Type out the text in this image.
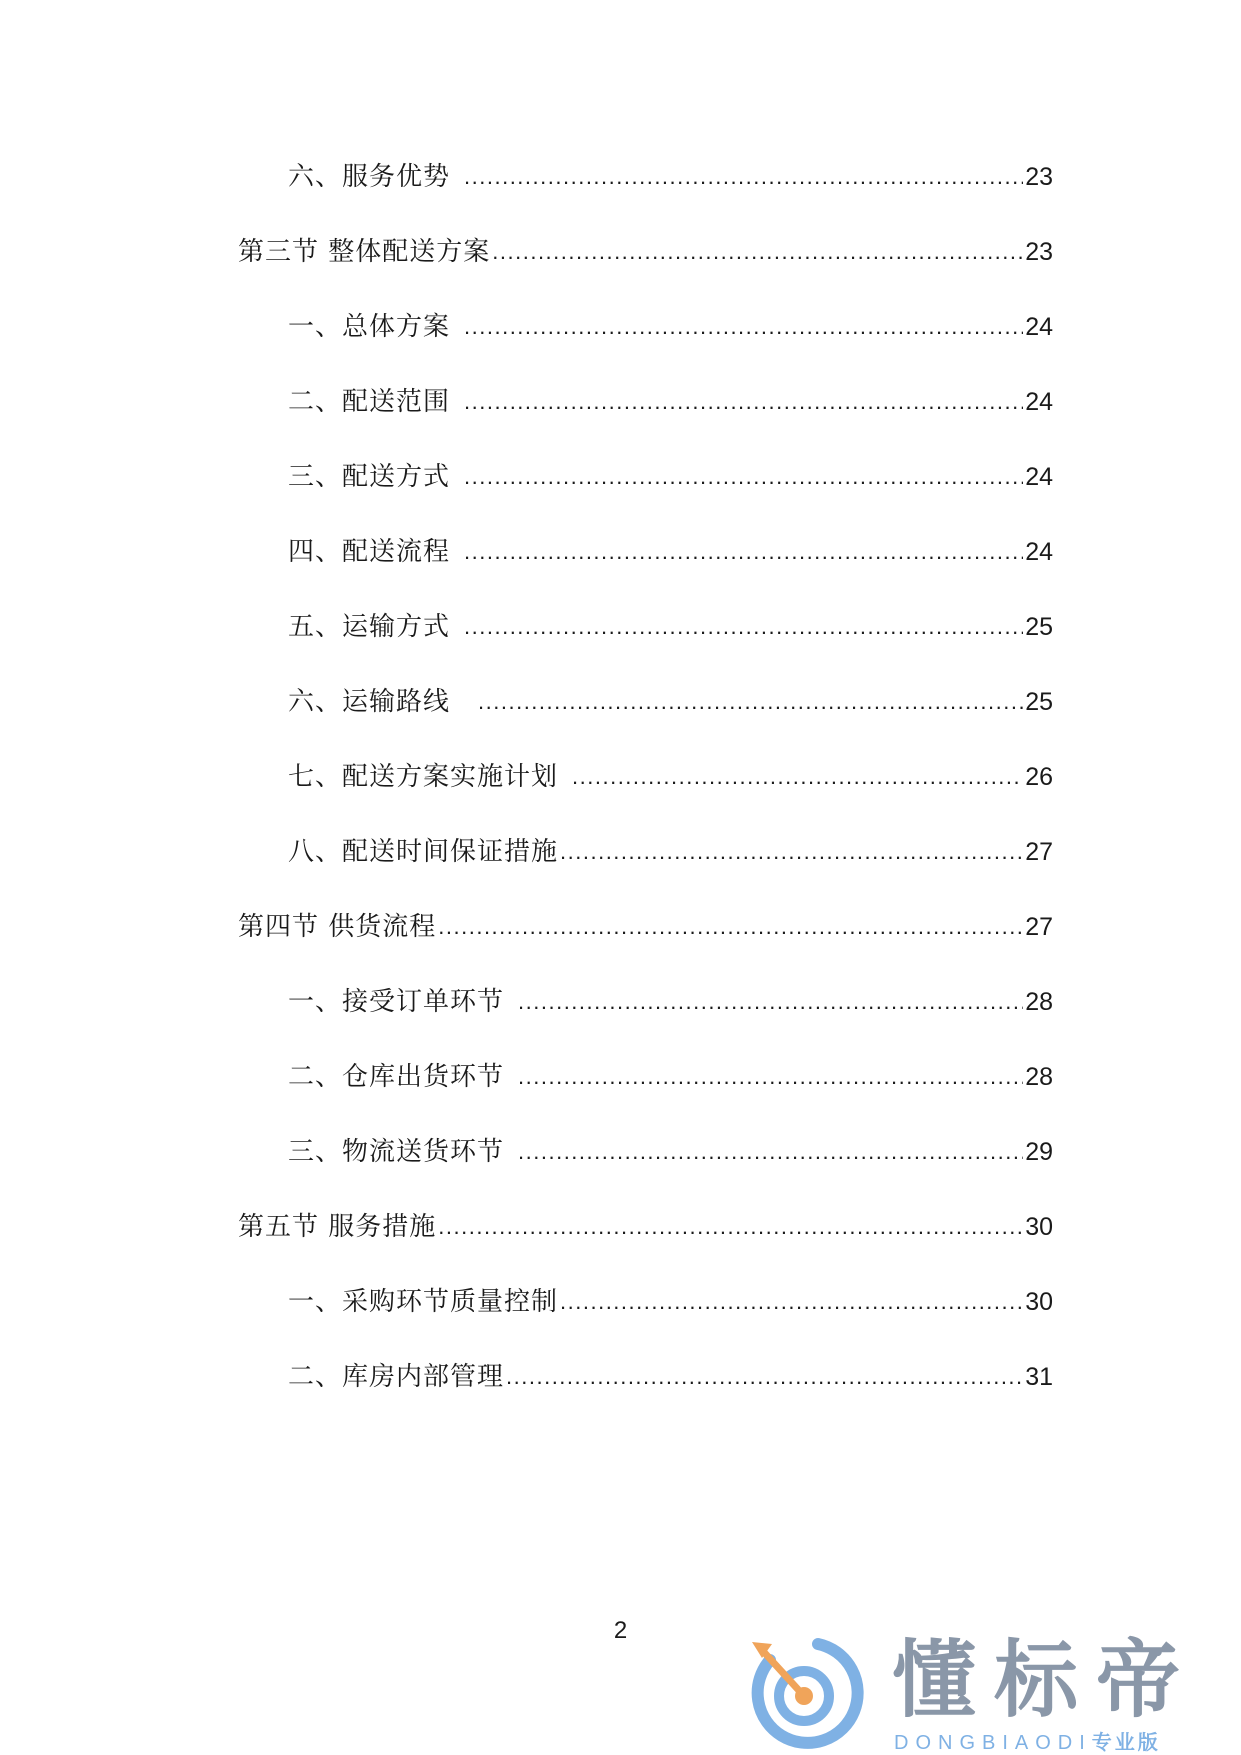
六、服务优势 .....	23
第三节 整体配送方案 .....	23
一、总体方案 .....	24
二、配送范围 .....	24
三、配送方式 .....	24
四、配送流程 .....	24
五、运输方式 .....	25
六、运输路线 .....	25
七、配送方案实施计划 .....	26
八、配送时间保证措施 .....	27
第四节 供货流程 .....	27
一、接受订单环节 .....	28
二、仓库出货环节 .....	28
三、物流送货环节 .....	29
第五节 服务措施 .....	30
一、采购环节质量控制 .....	30
二、库房内部管理 .....	31
2
懂标帝
DONGBIAODI专业版
